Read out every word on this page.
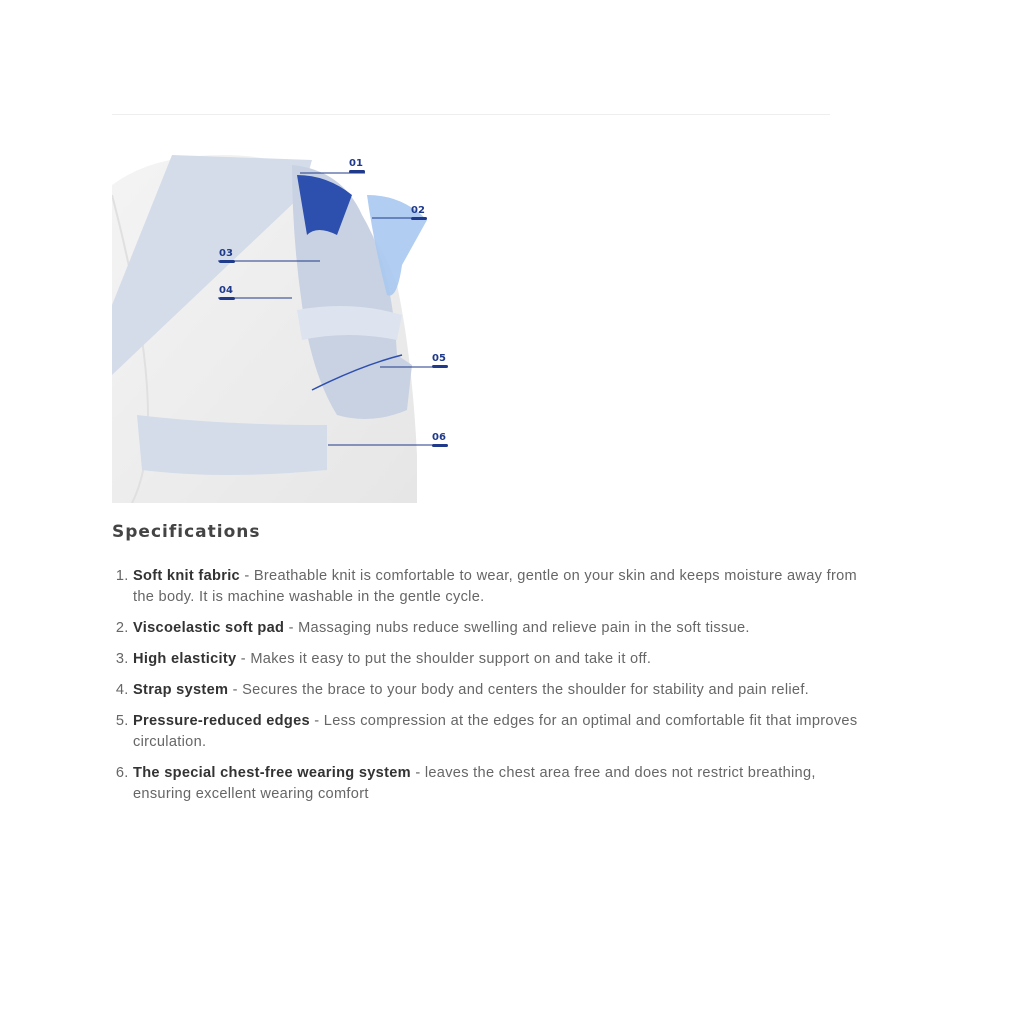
01
02
03
04
05
06
Specifications
1. Soft knit fabric - Breathable knit is comfortable to wear, gentle on your skin and keeps moisture away from the body. It is machine washable in the gentle cycle.
2. Viscoelastic soft pad - Massaging nubs reduce swelling and relieve pain in the soft tissue.
3. High elasticity - Makes it easy to put the shoulder support on and take it off.
4. Strap system - Secures the brace to your body and centers the shoulder for stability and pain relief.
5. Pressure-reduced edges - Less compression at the edges for an optimal and comfortable fit that improves circulation.
6. The special chest-free wearing system - leaves the chest area free and does not restrict breathing, ensuring excellent wearing comfort
